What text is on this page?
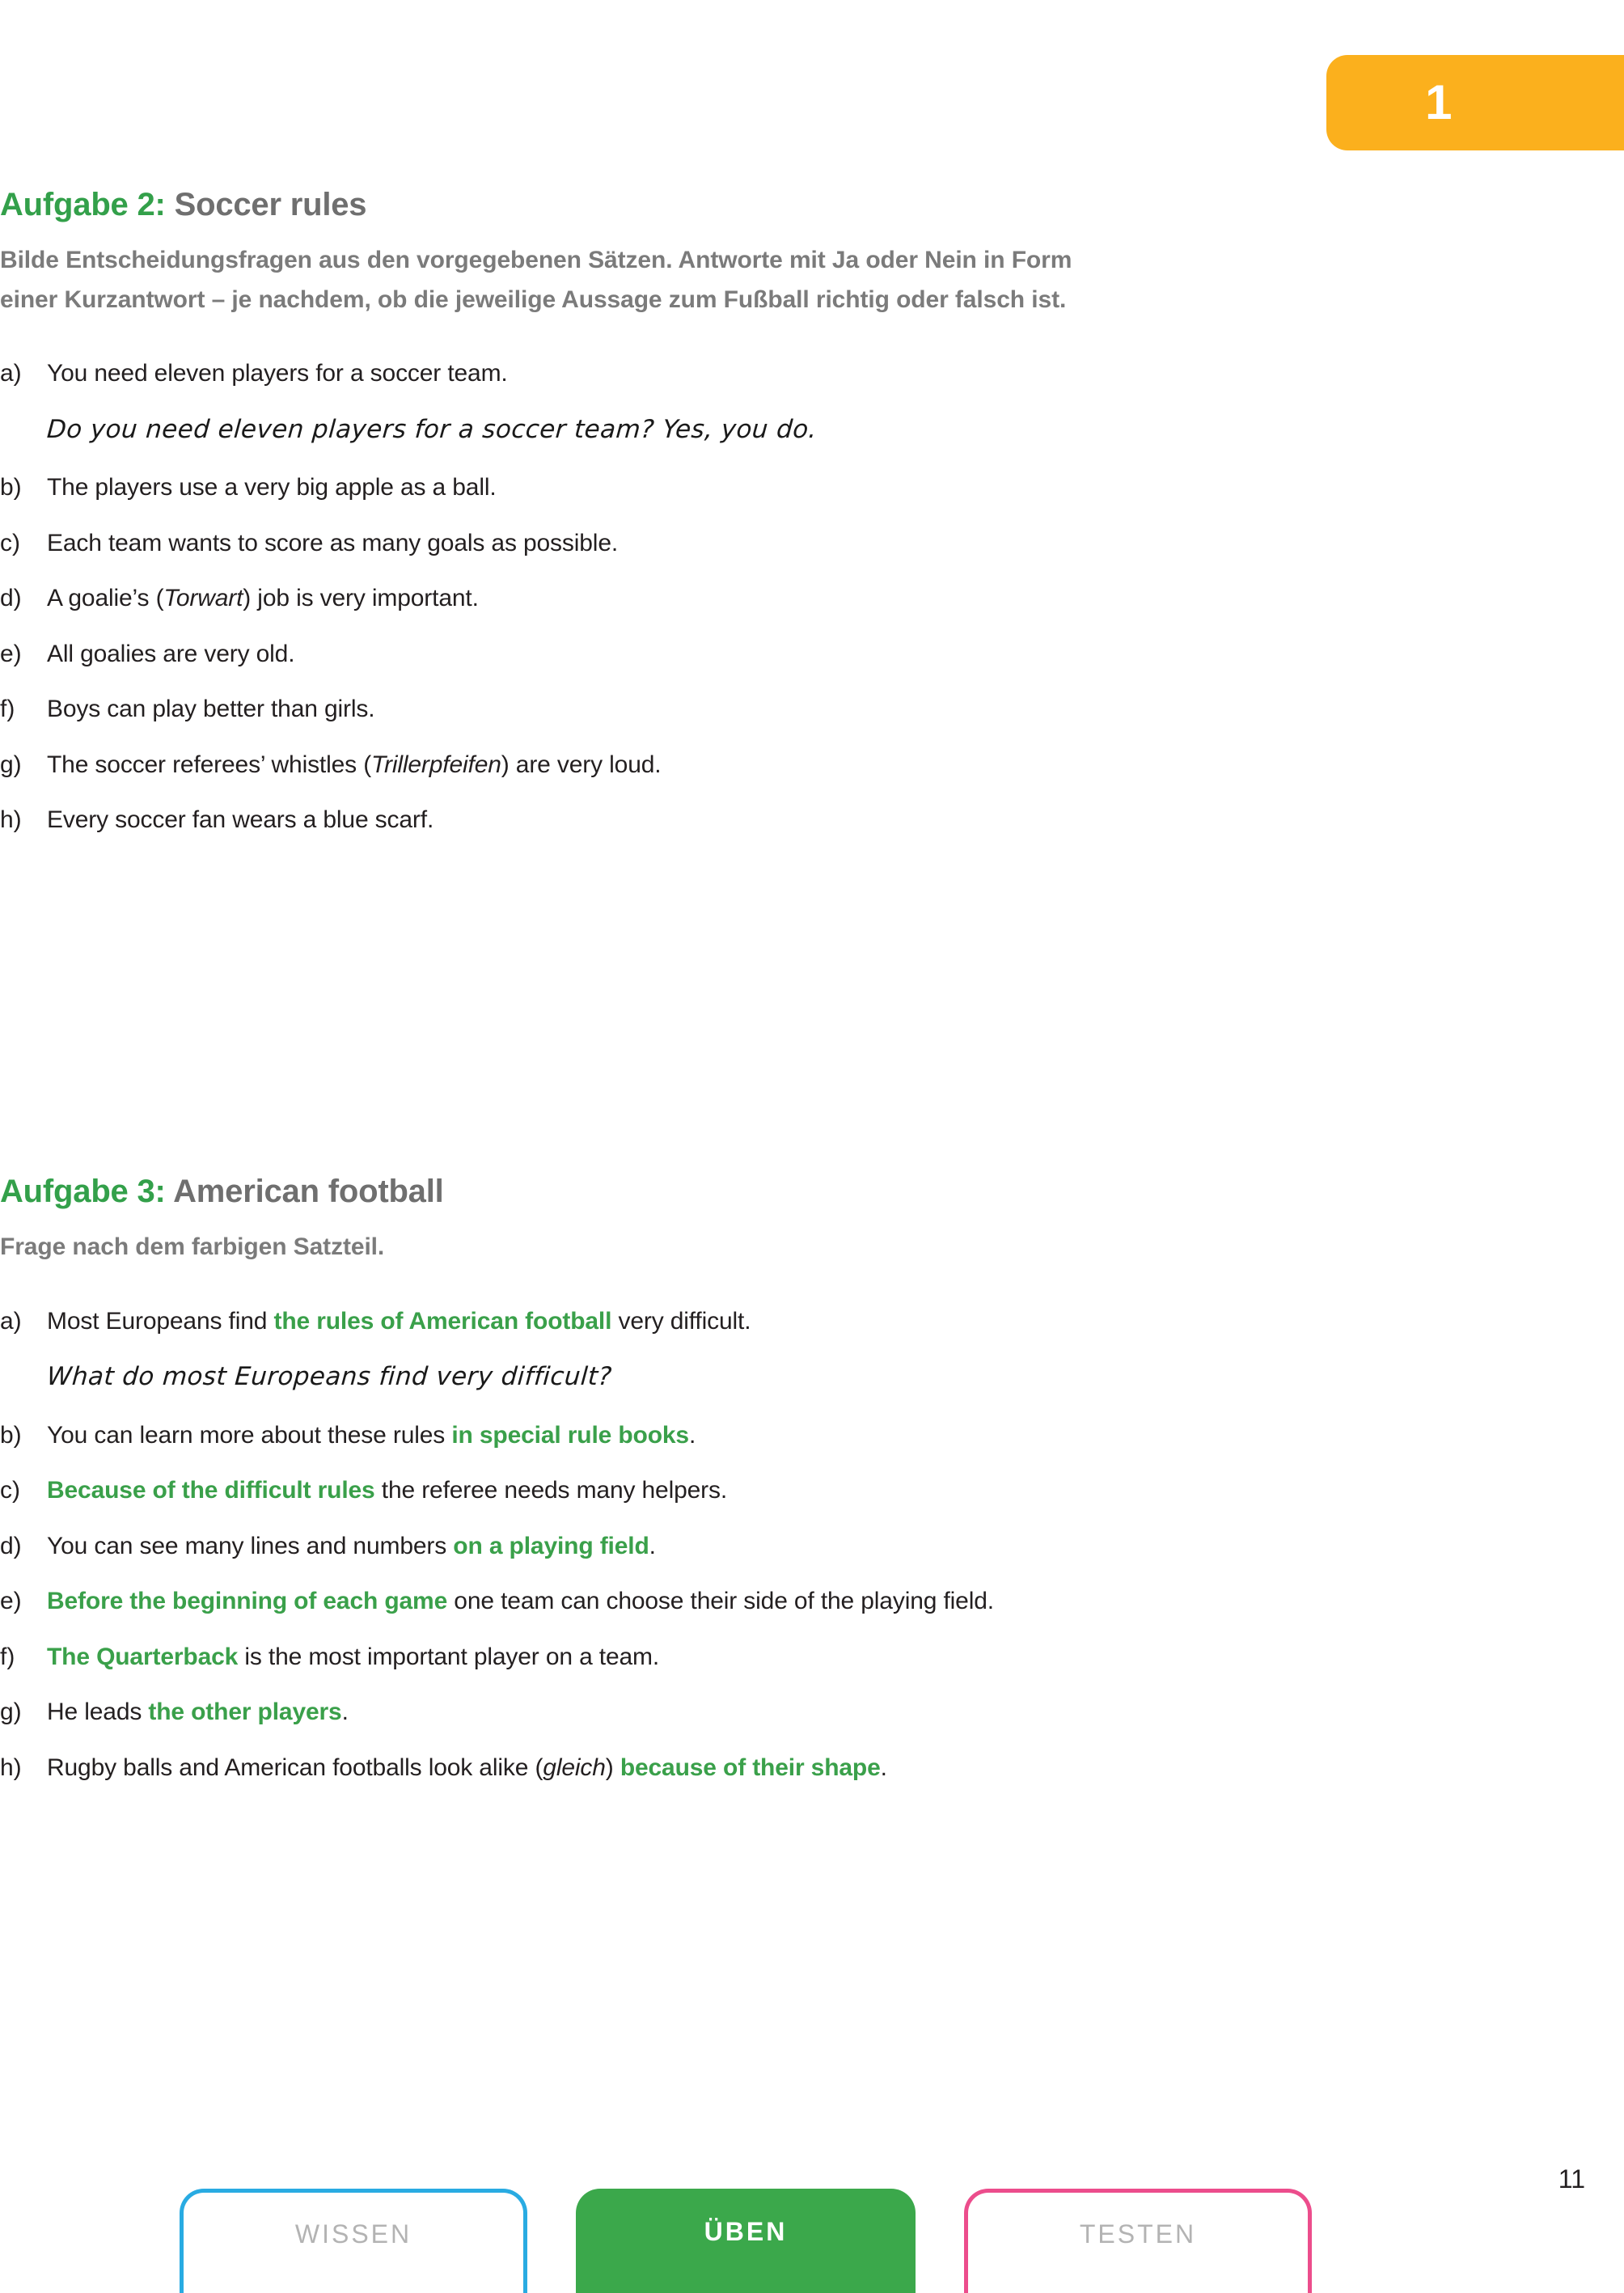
1
Aufgabe 2: Soccer rules

Bilde Entscheidungsfragen aus den vorgegebenen Sätzen. Antworte mit Ja oder Nein in Form einer Kurzantwort – je nachdem, ob die jeweilige Aussage zum Fußball richtig oder falsch ist.

a)	You need eleven players for a soccer team.
Do you need eleven players for a soccer team? Yes, you do.
b)	The players use a very big apple as a ball.
c)	Each team wants to score as many goals as possible.
d)	A goalie’s (Torwart) job is very important.
e)	All goalies are very old.
f)	Boys can play better than girls.
g)	The soccer referees’ whistles (Trillerpfeifen) are very loud.
h)	Every soccer fan wears a blue scarf.
Aufgabe 3: American football

Frage nach dem farbigen Satzteil.

a)	Most Europeans find the rules of American football very difficult.
What do most Europeans find very difficult?
b)	You can learn more about these rules in special rule books.
c)	Because of the difficult rules the referee needs many helpers.
d)	You can see many lines and numbers on a playing field.
e)	Before the beginning of each game one team can choose their side of the playing field.
f)	The Quarterback is the most important player on a team.
g)	He leads the other players.
h)	Rugby balls and American footballs look alike (gleich) because of their shape.
WISSEN	ÜBEN	TESTEN
11
